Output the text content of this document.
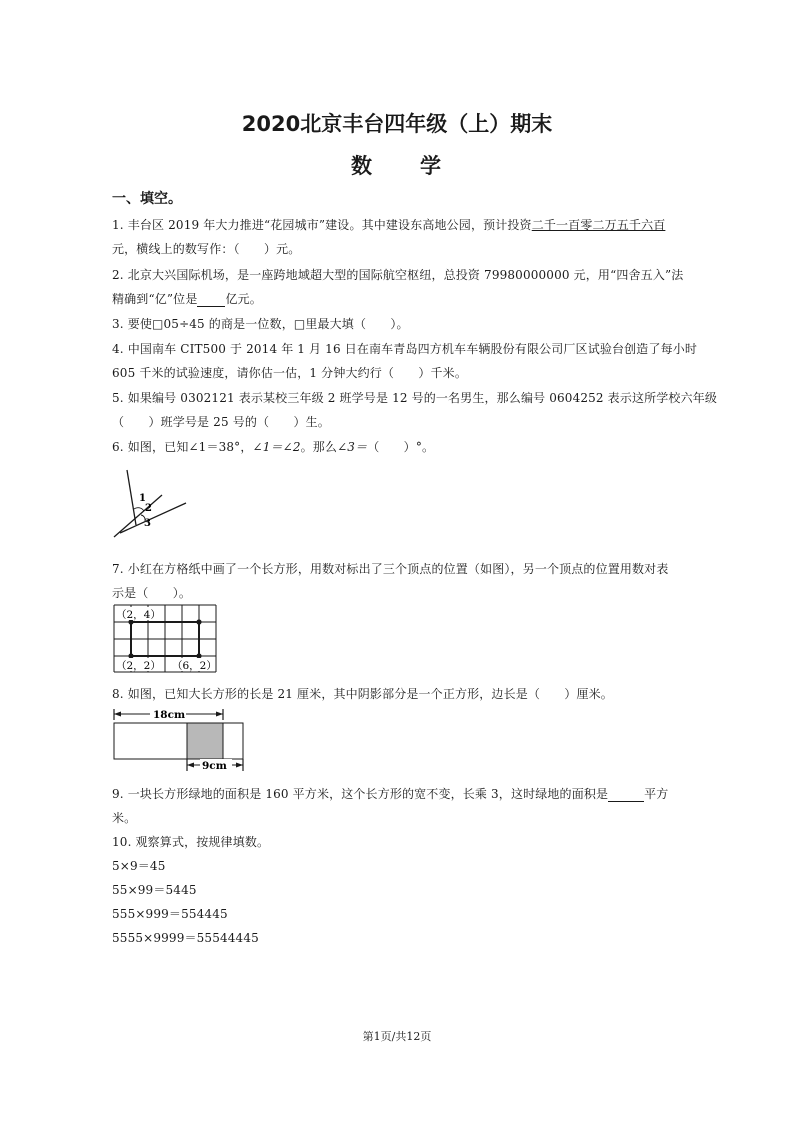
2020北京丰台四年级（上）期末
数　　学
一、填空。
1. 丰台区 2019 年大力推进“花园城市”建设。其中建设东高地公园，预计投资二千一百零二万五千六百
元，横线上的数写作：（　　）元。
2. 北京大兴国际机场，是一座跨地域超大型的国际航空枢纽，总投资 79980000000 元，用“四舍五入”法
精确到“亿”位是 亿元。
3. 要使□05÷45 的商是一位数，□里最大填（　　）。
4. 中国南车 CIT500 于 2014 年 1 月 16 日在南车青岛四方机车车辆股份有限公司厂区试验台创造了每小时
605 千米的试验速度，请你估一估，1 分钟大约行（　　）千米。
5. 如果编号 0302121 表示某校三年级 2 班学号是 12 号的一名男生，那么编号 0604252 表示这所学校六年级
（　　）班学号是 25 号的（　　）生。
6. 如图，已知∠1＝38°，∠1＝∠2。那么∠3＝（　　）°。
1
2
3
7. 小红在方格纸中画了一个长方形，用数对标出了三个顶点的位置（如图），另一个顶点的位置用数对表
示是（　　）。
（2，4）
（2，2） （6，2）
8. 如图，已知大长方形的长是 21 厘米，其中阴影部分是一个正方形，边长是（　　）厘米。
18cm
9cm
9. 一块长方形绿地的面积是 160 平方米，这个长方形的宽不变，长乘 3，这时绿地的面积是	平方
米。
10. 观察算式，按规律填数。
5×9＝45
55×99＝5445
555×999＝554445
5555×9999＝55544445
第1页/共12页
